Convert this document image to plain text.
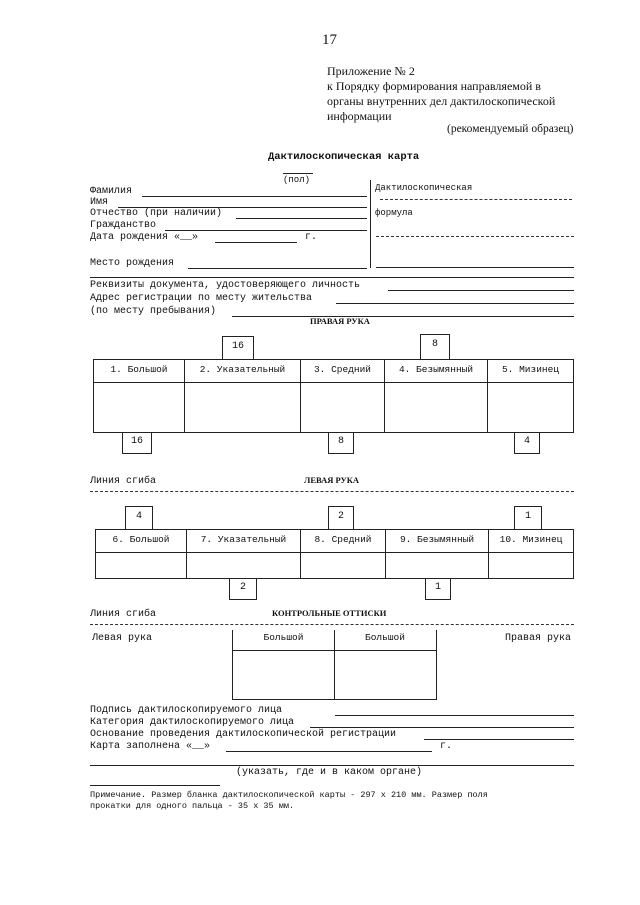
17
Приложение № 2
к Порядку формирования направляемой в
органы внутренних дел дактилоскопической
информации
(рекомендуемый образец)
Дактилоскопическая карта
(пол)
Фамилия
Имя
Отчество (при наличии)
Гражданство
Дата рождения «__»	г.
Место рождения
Дактилоскопическая
формула
Реквизиты документа, удостоверяющего личность
Адрес регистрации по месту жительства
(по месту пребывания)
ПРАВАЯ РУКА
16	8
1. Большой	2. Указательный	3. Средний	4. Безымянный	5. Мизинец
16	8	4
Линия сгиба	ЛЕВАЯ РУКА
4	2	1
6. Большой	7. Указательный	8. Средний	9. Безымянный	10. Мизинец
2	1
Линия сгиба	КОНТРОЛЬНЫЕ ОТТИСКИ
Левая рука	Правая рука
Большой	Большой
Подпись дактилоскопируемого лица
Категория дактилоскопируемого лица
Основание проведения дактилоскопической регистрации
Карта заполнена «__»	г.
(указать, где и в каком органе)
Примечание. Размер бланка дактилоскопической карты - 297 x 210 мм. Размер поля
прокатки для одного пальца - 35 x 35 мм.
